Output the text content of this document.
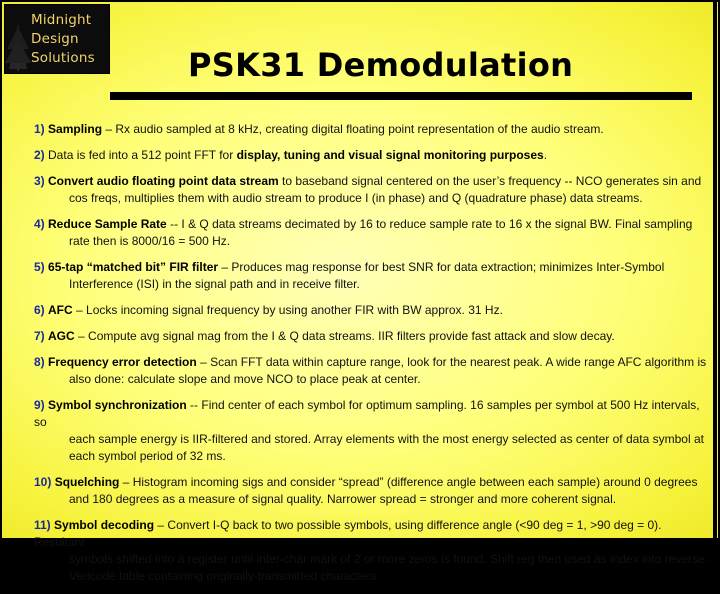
Midnight
Design
Solutions	PSK31 Demodulation
1) Sampling – Rx audio sampled at 8 kHz, creating digital floating point representation of the audio stream.
2) Data is fed into a 512 point FFT for display, tuning and visual signal monitoring purposes.
3) Convert audio floating point data stream to baseband signal centered on the user’s frequency -- NCO generates sin and
cos freqs, multiplies them with audio stream to produce I (in phase) and Q (quadrature phase) data streams.
4) Reduce Sample Rate -- I & Q data streams decimated by 16 to reduce sample rate to 16 x the signal BW. Final sampling
rate then is 8000/16 = 500 Hz.
5) 65-tap “matched bit” FIR filter – Produces mag response for best SNR for data extraction; minimizes Inter-Symbol
Interference (ISI) in the signal path and in receive filter.
6) AFC – Locks incoming signal frequency by using another FIR with BW approx. 31 Hz.
7) AGC – Compute avg signal mag from the I & Q data streams. IIR filters provide fast attack and slow decay.
8) Frequency error detection – Scan FFT data within capture range, look for the nearest peak. A wide range AFC algorithm is
also done: calculate slope and move NCO to place peak at center.
9) Symbol synchronization -- Find center of each symbol for optimum sampling. 16 samples per symbol at 500 Hz intervals, so
each sample energy is IIR-filtered and stored. Array elements with the most energy selected as center of data symbol at each symbol period of 32 ms.
10) Squelching – Histogram incoming sigs and consider “spread” (difference angle between each sample) around 0 degrees
and 180 degrees as a measure of signal quality. Narrower spread = stronger and more coherent signal.
11) Symbol decoding – Convert I-Q back to two possible symbols, using difference angle (<90 deg = 1, >90 deg = 0). Resultant
symbols shifted into a register until inter-char mark of 2 or more zeros is found. Shift reg then used as index into reverse-Vericode table containing originally-transmitted characters.
